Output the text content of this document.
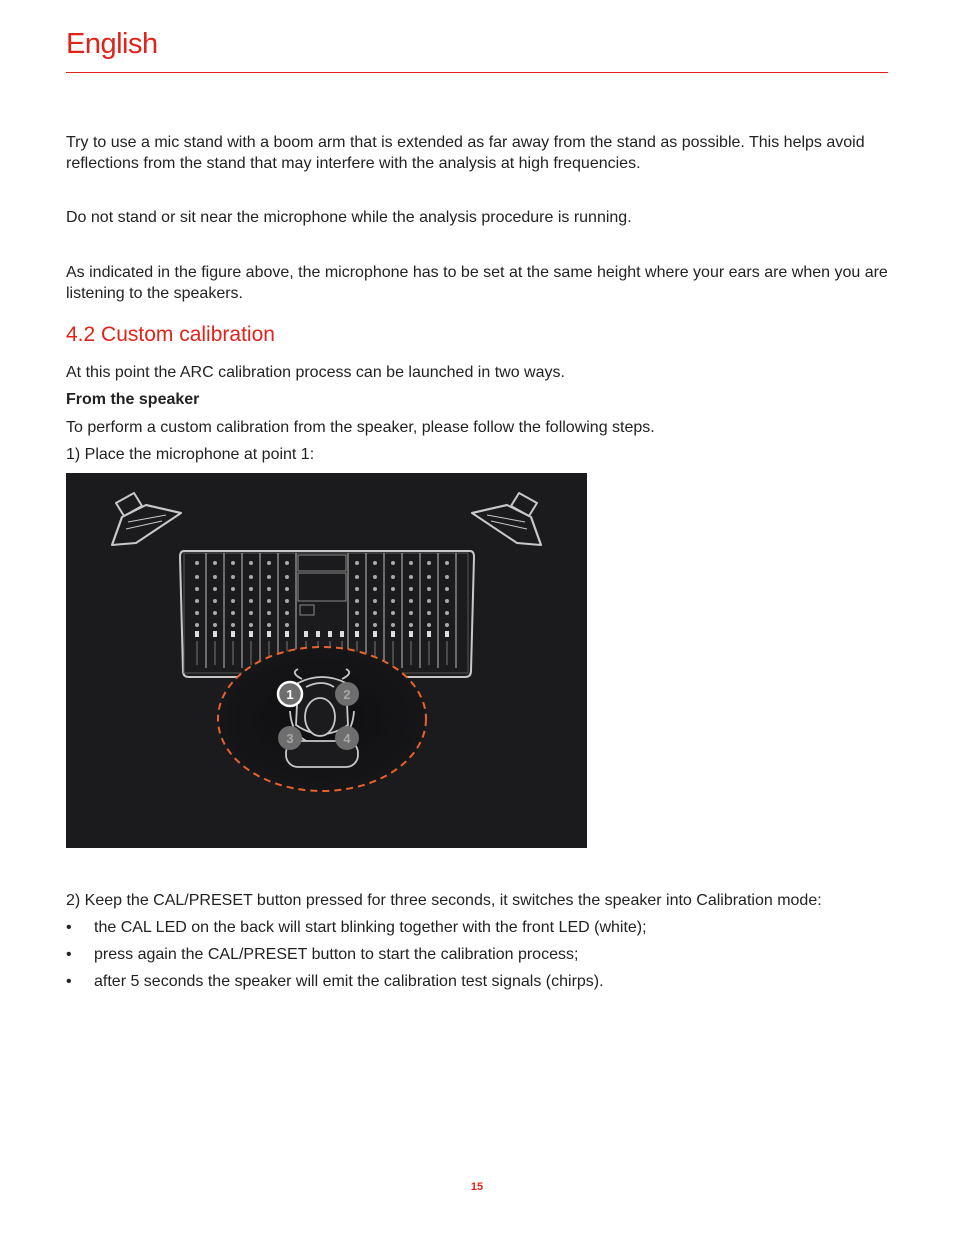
English

Try to use a mic stand with a boom arm that is extended as far away from the stand as possible. This helps avoid reflections from the stand that may interfere with the analysis at high frequencies.

Do not stand or sit near the microphone while the analysis procedure is running.

As indicated in the figure above, the microphone has to be set at the same height where your ears are when you are listening to the speakers.

4.2 Custom calibration

At this point the ARC calibration process can be launched in two ways.

From the speaker

To perform a custom calibration from the speaker, please follow the following steps.

1) Place the microphone at point 1:

1	2
3	4

2) Keep the CAL/PRESET button pressed for three seconds, it switches the speaker into Calibration mode:

• the CAL LED on the back will start blinking together with the front LED (white);
• press again the CAL/PRESET button to start the calibration process;
• after 5 seconds the speaker will emit the calibration test signals (chirps).
15
